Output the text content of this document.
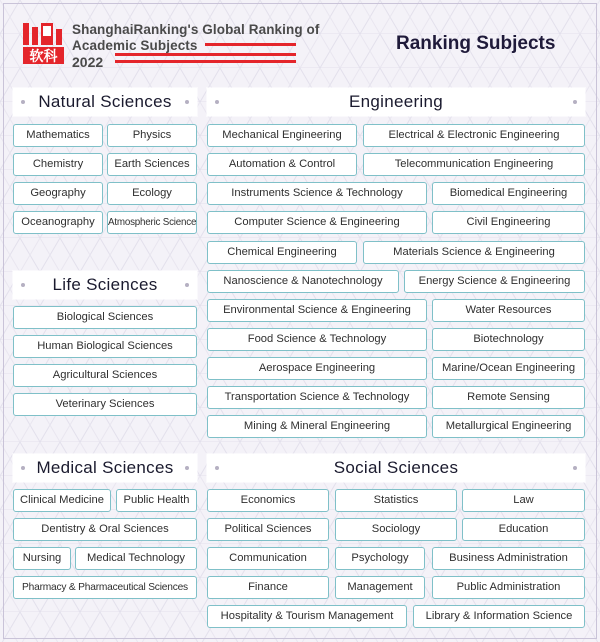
软科
ShanghaiRanking's Global Ranking of
Academic Subjects
2022
Ranking Subjects
Natural Sciences
Mathematics	Physics
Chemistry	Earth Sciences
Geography	Ecology
Oceanography	Atmospheric Science
Life Sciences
Biological Sciences
Human Biological Sciences
Agricultural Sciences
Veterinary Sciences
Medical Sciences
Clinical Medicine	Public Health
Dentistry & Oral Sciences
Nursing	Medical Technology
Pharmacy & Pharmaceutical Sciences
Engineering
Mechanical Engineering	Electrical & Electronic Engineering
Automation & Control	Telecommunication Engineering
Instruments Science & Technology	Biomedical Engineering
Computer Science & Engineering	Civil Engineering
Chemical Engineering	Materials Science & Engineering
Nanoscience & Nanotechnology	Energy Science & Engineering
Environmental Science & Engineering	Water Resources
Food Science & Technology	Biotechnology
Aerospace Engineering	Marine/Ocean Engineering
Transportation Science & Technology	Remote Sensing
Mining & Mineral Engineering	Metallurgical Engineering
Social Sciences
Economics	Statistics	Law
Political Sciences	Sociology	Education
Communication	Psychology	Business Administration
Finance	Management	Public Administration
Hospitality & Tourism Management	Library & Information Science
